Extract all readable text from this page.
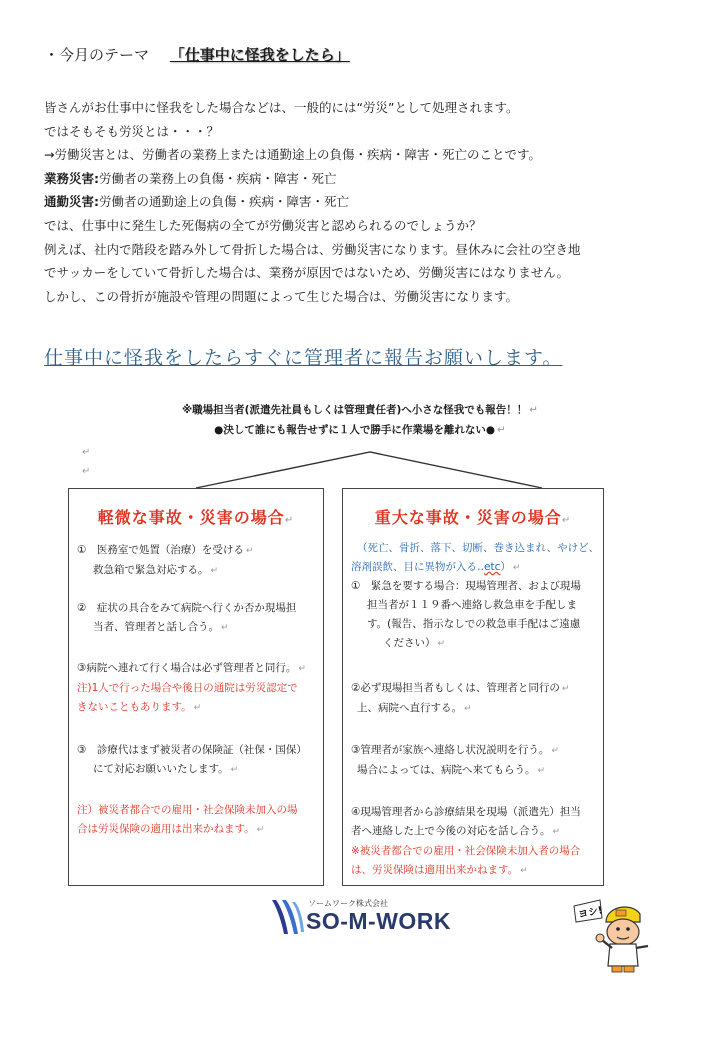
・今月のテーマ 「仕事中に怪我をしたら」

皆さんがお仕事中に怪我をした場合などは、一般的には“労災”として処理されます。

ではそもそも労災とは・・・？

→労働災害とは、労働者の業務上または通勤途上の負傷・疾病・障害・死亡のことです。

業務災害:労働者の業務上の負傷・疾病・障害・死亡

通勤災害:労働者の通勤途上の負傷・疾病・障害・死亡

では、仕事中に発生した死傷病の全てが労働災害と認められるのでしょうか？

例えば、社内で階段を踏み外して骨折した場合は、労働災害になります。昼休みに会社の空き地

でサッカーをしていて骨折した場合は、業務が原因ではないため、労働災害にはなりません。

しかし、この骨折が施設や管理の問題によって生じた場合は、労働災害になります。

仕事中に怪我をしたらすぐに管理者に報告お願いします。
※職場担当者(派遣先社員もしくは管理責任者)へ小さな怪我でも報告！！ ↵
●決して誰にも報告せずに１人で勝手に作業場を離れない● ↵
↵
↵
軽微な事故・災害の場合↵
①　医務室で処置（治療）を受ける ↵
救急箱で緊急対応する。 ↵
②　症状の具合をみて病院へ行くか否か現場担
当者、管理者と話し合う。 ↵
③病院へ連れて行く場合は必ず管理者と同行。 ↵
注)1人で行った場合や後日の通院は労災認定で
きないこともあります。 ↵
③　診療代はまず被災者の保険証（社保・国保）
にて対応お願いいたします。 ↵
注）被災者都合での雇用・社会保険未加入の場
合は労災保険の適用は出来かねます。 ↵
重大な事故・災害の場合↵
（死亡、骨折、落下、切断、巻き込まれ、やけど、
溶剤誤飲、目に異物が入る‥etc） ↵
①　緊急を要する場合：現場管理者、および現場
担当者が１１９番へ連絡し救急車を手配しま
す。(報告、指示なしでの救急車手配はご遠慮
ください） ↵
②必ず現場担当者もしくは、管理者と同行の ↵
上、病院へ直行する。 ↵
③管理者が家族へ連絡し状況説明を行う。 ↵
場合によっては、病院へ来てもらう。 ↵
④現場管理者から診療結果を現場（派遣先）担当
者へ連絡した上で今後の対応を話し合う。 ↵
※被災者都合での雇用・社会保険未加入者の場合
は、労災保険は適用出来かねます。 ↵
ソームワーク株式会社
SO-M-WORK	ヨシ!
